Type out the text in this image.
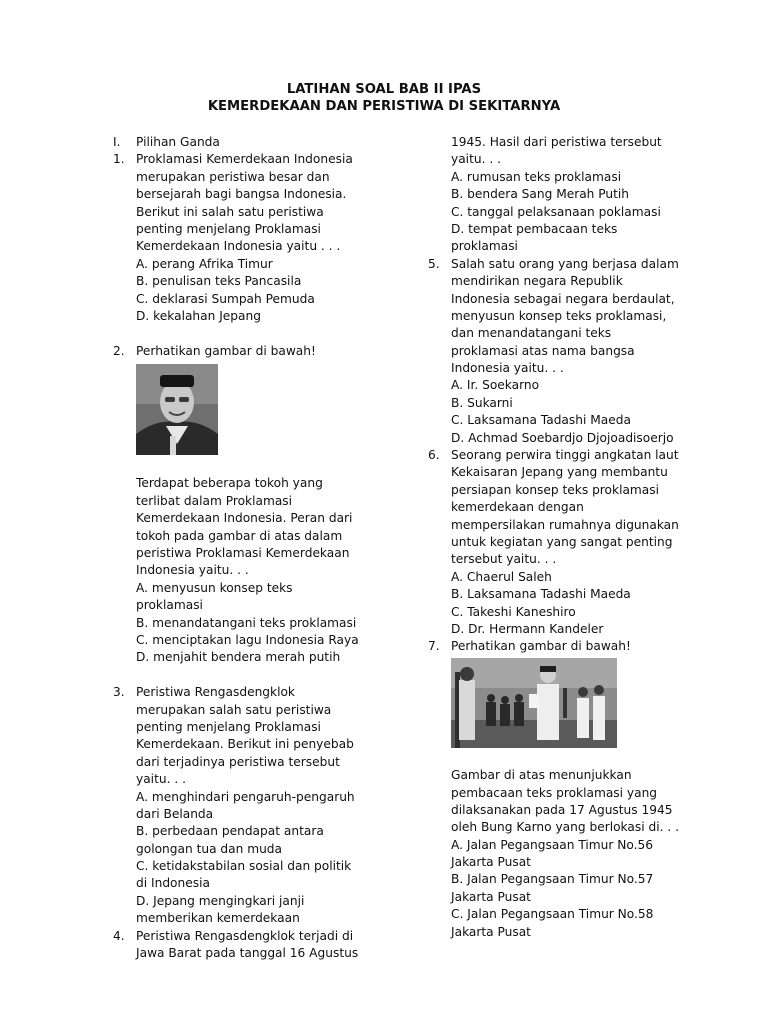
LATIHAN SOAL BAB II IPAS
KEMERDEKAAN DAN PERISTIWA DI SEKITARNYA
I. Pilihan Ganda
1. Proklamasi Kemerdekaan Indonesia
merupakan peristiwa besar dan
bersejarah bagi bangsa Indonesia.
Berikut ini salah satu peristiwa
penting menjelang Proklamasi
Kemerdekaan Indonesia yaitu . . .
A. perang Afrika Timur
B. penulisan teks Pancasila
C. deklarasi Sumpah Pemuda
D. kekalahan Jepang
2. Perhatikan gambar di bawah!
Terdapat beberapa tokoh yang
terlibat dalam Proklamasi
Kemerdekaan Indonesia. Peran dari
tokoh pada gambar di atas dalam
peristiwa Proklamasi Kemerdekaan
Indonesia yaitu. . .
A. menyusun konsep teks
proklamasi
B. menandatangani teks proklamasi
C. menciptakan lagu Indonesia Raya
D. menjahit bendera merah putih
3. Peristiwa Rengasdengklok
merupakan salah satu peristiwa
penting menjelang Proklamasi
Kemerdekaan. Berikut ini penyebab
dari terjadinya peristiwa tersebut
yaitu. . .
A. menghindari pengaruh-pengaruh
dari Belanda
B. perbedaan pendapat antara
golongan tua dan muda
C. ketidakstabilan sosial dan politik
di Indonesia
D. Jepang mengingkari janji
memberikan kemerdekaan
4. Peristiwa Rengasdengklok terjadi di
Jawa Barat pada tanggal 16 Agustus
1945. Hasil dari peristiwa tersebut
yaitu. . .
A. rumusan teks proklamasi
B. bendera Sang Merah Putih
C. tanggal pelaksanaan poklamasi
D. tempat pembacaan teks
proklamasi
5. Salah satu orang yang berjasa dalam
mendirikan negara Republik
Indonesia sebagai negara berdaulat,
menyusun konsep teks proklamasi,
dan menandatangani teks
proklamasi atas nama bangsa
Indonesia yaitu. . .
A. Ir. Soekarno
B. Sukarni
C. Laksamana Tadashi Maeda
D. Achmad Soebardjo Djojoadisoerjo
6. Seorang perwira tinggi angkatan laut
Kekaisaran Jepang yang membantu
persiapan konsep teks proklamasi
kemerdekaan dengan
mempersilakan rumahnya digunakan
untuk kegiatan yang sangat penting
tersebut yaitu. . .
A. Chaerul Saleh
B. Laksamana Tadashi Maeda
C. Takeshi Kaneshiro
D. Dr. Hermann Kandeler
7. Perhatikan gambar di bawah!
Gambar di atas menunjukkan
pembacaan teks proklamasi yang
dilaksanakan pada 17 Agustus 1945
oleh Bung Karno yang berlokasi di. . .
A. Jalan Pegangsaan Timur No.56
Jakarta Pusat
B. Jalan Pegangsaan Timur No.57
Jakarta Pusat
C. Jalan Pegangsaan Timur No.58
Jakarta Pusat
